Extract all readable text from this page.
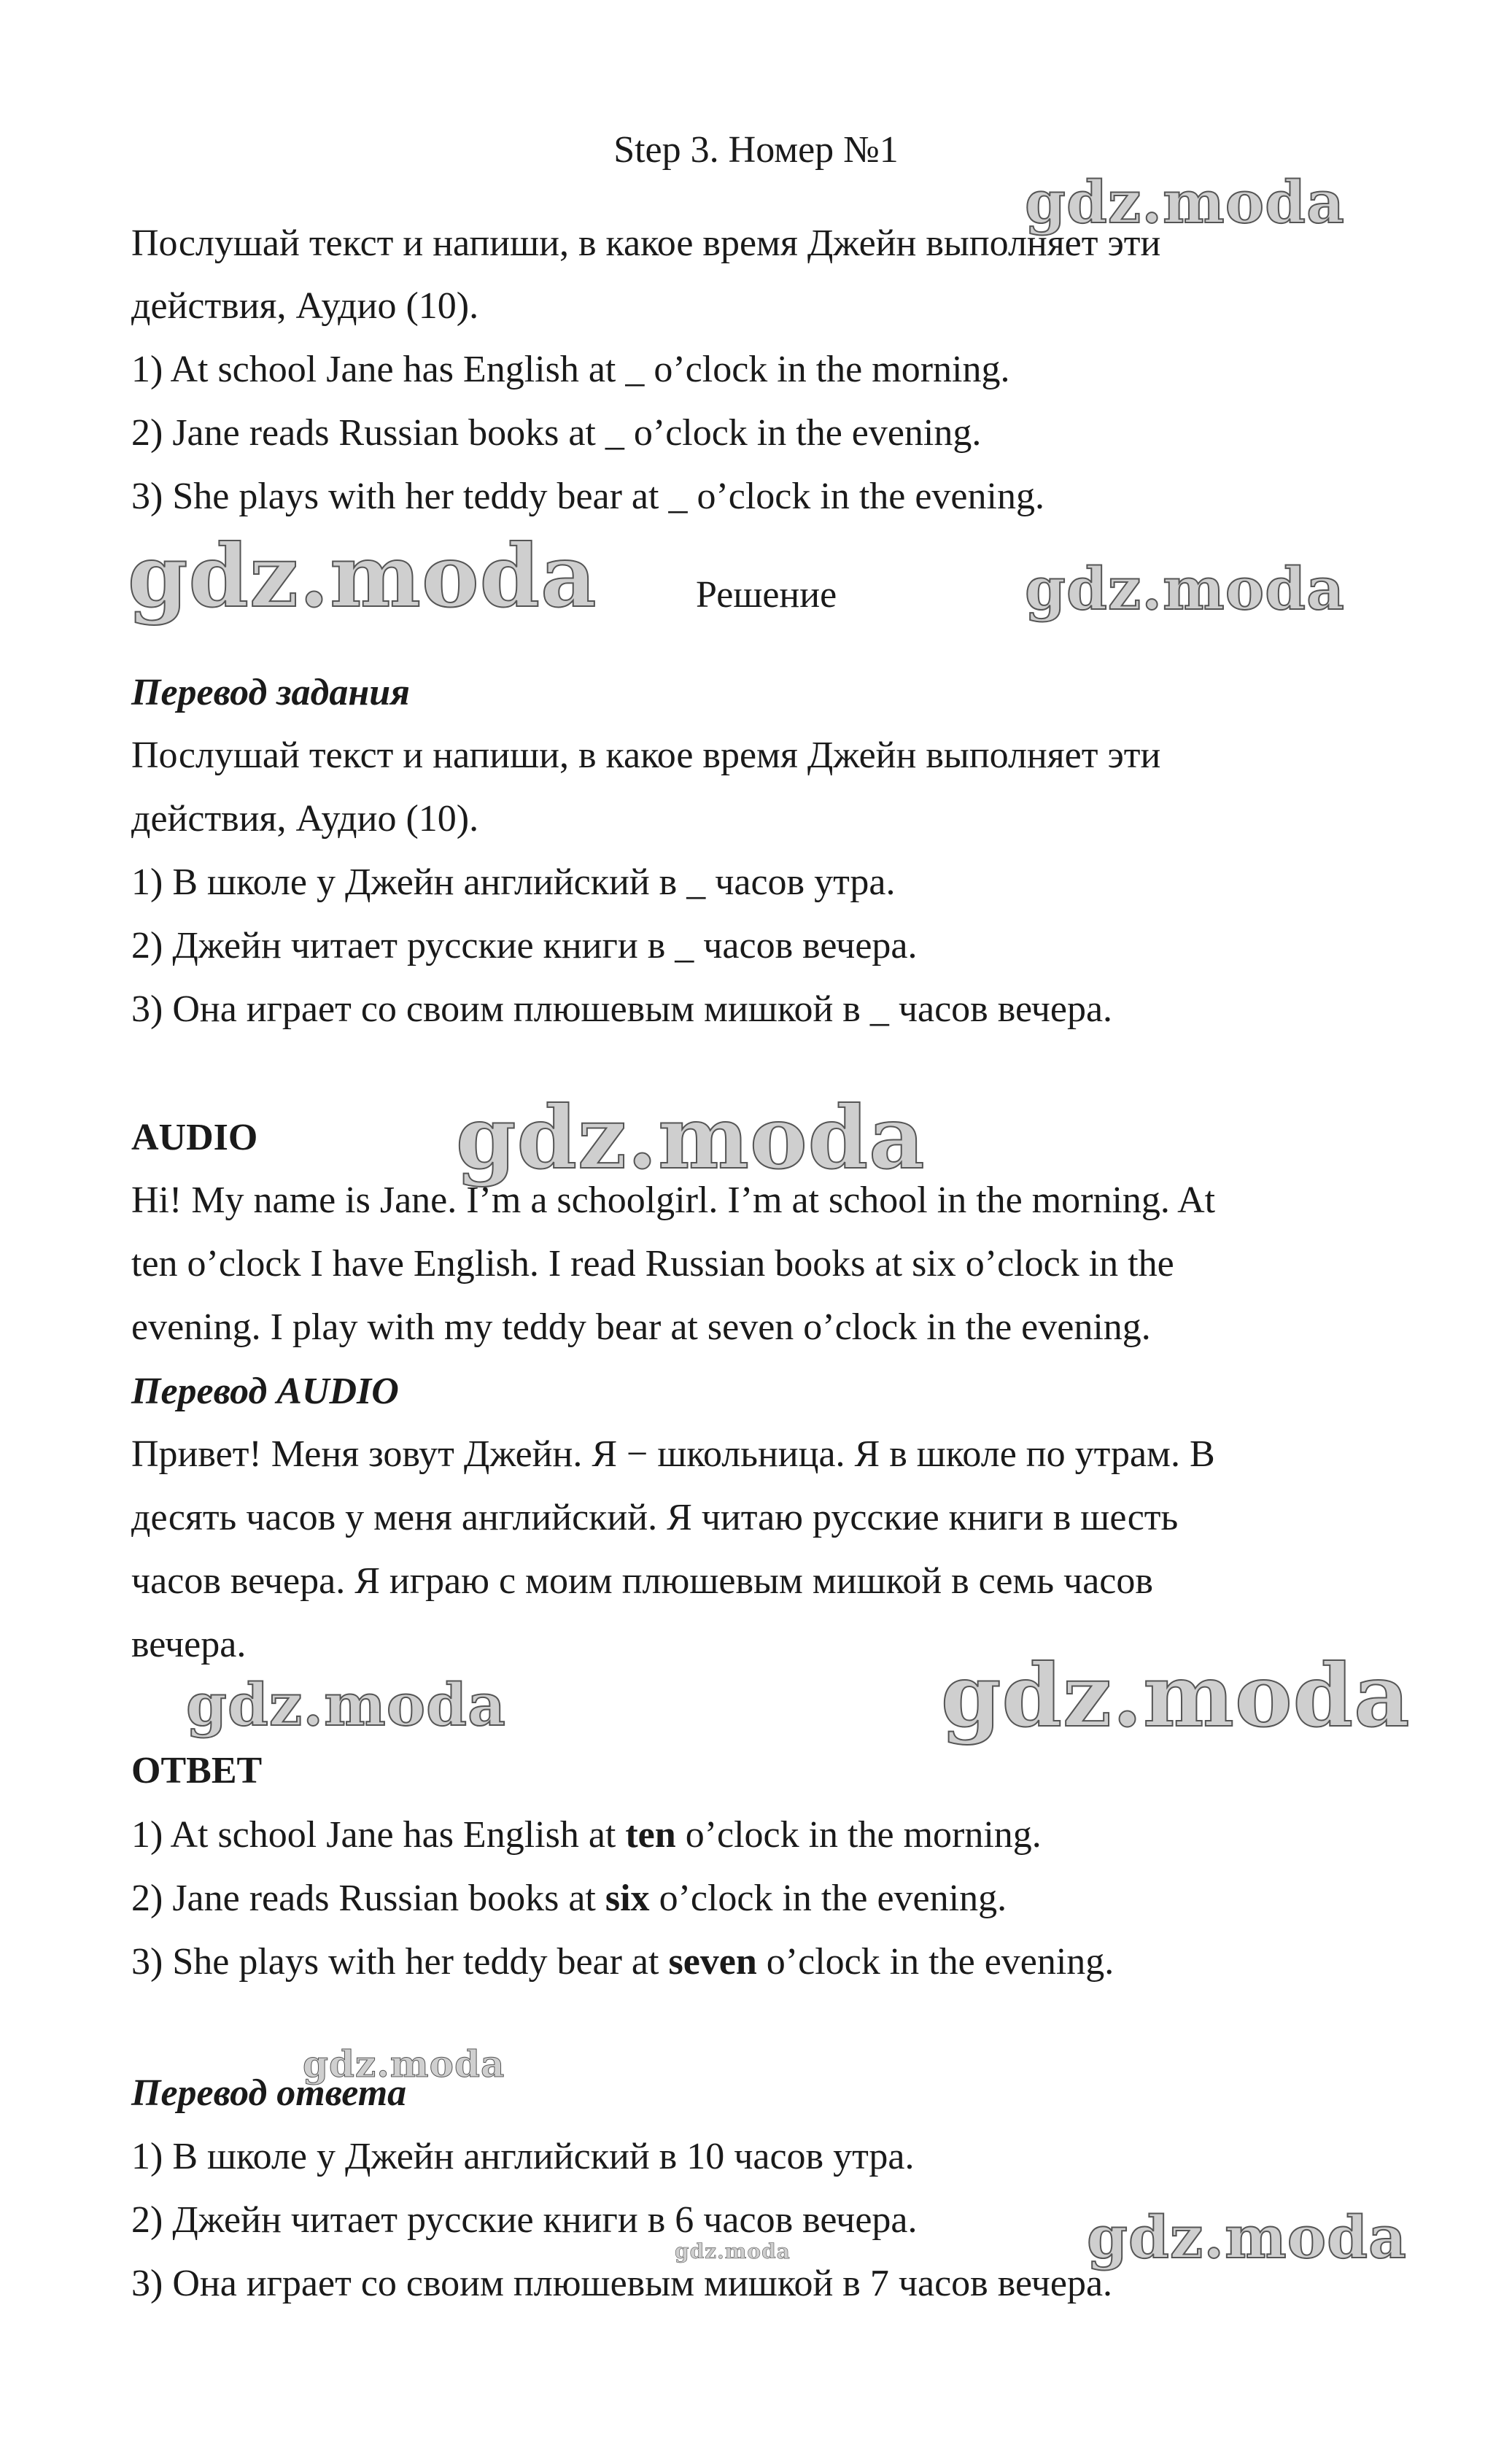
Step 3. Номер №1
Послушай текст и напиши, в какое время Джейн выполняет эти
действия, Аудио (10).
1) At school Jane has English at _ o’clock in the morning.
2) Jane reads Russian books at _ o’clock in the evening.
3) She plays with her teddy bear at _ o’clock in the evening.
Решение
Перевод задания
Послушай текст и напиши, в какое время Джейн выполняет эти
действия, Аудио (10).
1) В школе у Джейн английский в _ часов утра.
2) Джейн читает русские книги в _ часов вечера.
3) Она играет со своим плюшевым мишкой в _ часов вечера.
AUDIO
Hi! My name is Jane. I’m a schoolgirl. I’m at school in the morning. At
ten o’clock I have English. I read Russian books at six o’clock in the
evening. I play with my teddy bear at seven o’clock in the evening.
Перевод AUDIO
Привет! Меня зовут Джейн. Я − школьница. Я в школе по утрам. В
десять часов у меня английский. Я читаю русские книги в шесть
часов вечера. Я играю с моим плюшевым мишкой в семь часов
вечера.
ОТВЕТ
1) At school Jane has English at ten o’clock in the morning.
2) Jane reads Russian books at six o’clock in the evening.
3) She plays with her teddy bear at seven o’clock in the evening.
Перевод ответа
1) В школе у Джейн английский в 10 часов утра.
2) Джейн читает русские книги в 6 часов вечера.
3) Она играет со своим плюшевым мишкой в 7 часов вечера.
gdz.moda
gdz.moda	gdz.moda
gdz.moda
gdz.moda	gdz.moda
gdz.moda
gdz.moda	gdz.moda
